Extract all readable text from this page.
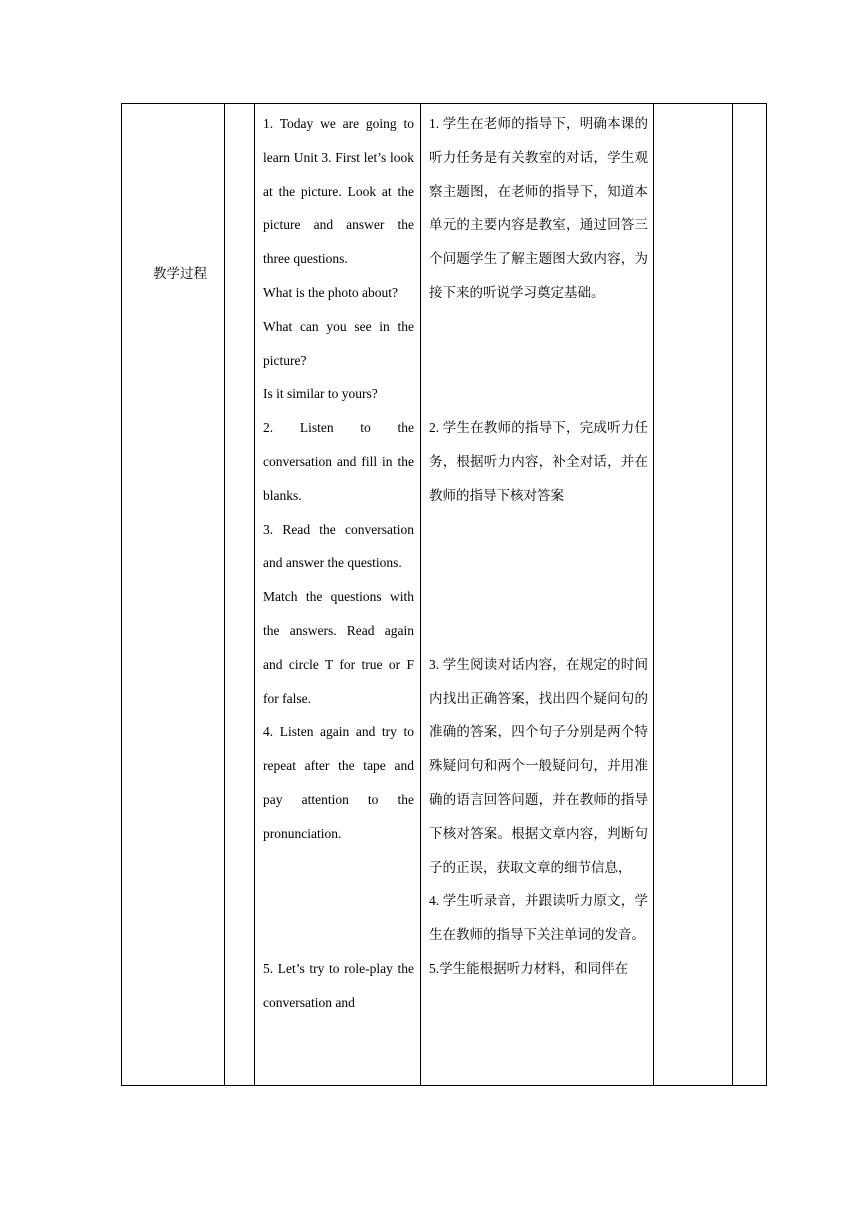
教学过程

1. Today we are going to learn Unit 3. First let’s look at the picture. Look at the picture and answer the three questions.

What is the photo about?

What can you see in the picture?

Is it similar to yours?

2. Listen to the conversation and fill in the blanks.

3. Read the conversation and answer the questions.

Match the questions with the answers. Read again and circle T for true or F for false.

4. Listen again and try to repeat after the tape and pay attention to the pronunciation.

5. Let’s try to role-play the conversation and

1. 学生在老师的指导下，明确本课的听力任务是有关教室的对话，学生观察主题图，在老师的指导下，知道本单元的主要内容是教室，通过回答三个问题学生了解主题图大致内容，为接下来的听说学习奠定基础。

2. 学生在教师的指导下，完成听力任务，根据听力内容，补全对话，并在教师的指导下核对答案

3. 学生阅读对话内容，在规定的时间内找出正确答案，找出四个疑问句的准确的答案，四个句子分别是两个特殊疑问句和两个一般疑问句，并用准确的语言回答问题，并在教师的指导下核对答案。根据文章内容，判断句子的正误，获取文章的细节信息，

4. 学生听录音，并跟读听力原文，学生在教师的指导下关注单词的发音。

5.学生能根据听力材料，和同伴在
